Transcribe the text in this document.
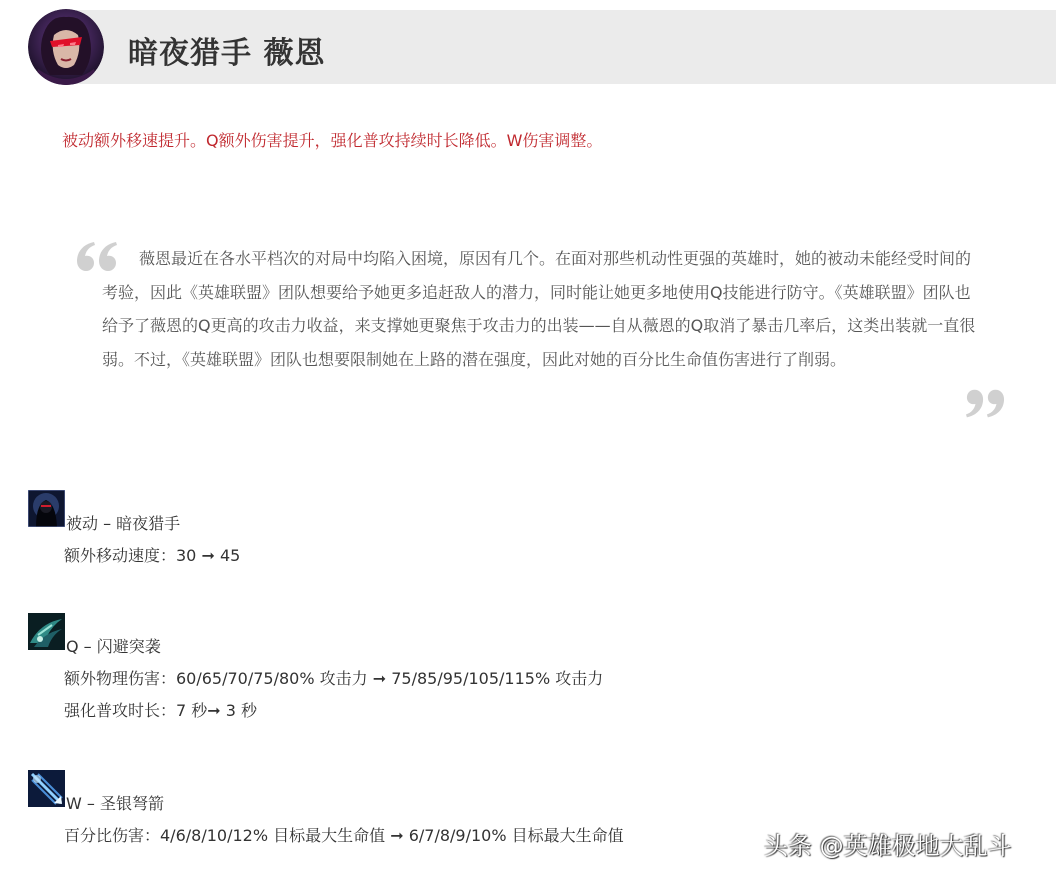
暗夜猎手 薇恩
被动额外移速提升。Q额外伤害提升，强化普攻持续时长降低。W伤害调整。

薇恩最近在各水平档次的对局中均陷入困境，原因有几个。在面对那些机动性更强的英雄时，她的被动未能经受时间的考验，因此《英雄联盟》团队想要给予她更多追赶敌人的潜力，同时能让她更多地使用Q技能进行防守。《英雄联盟》团队也给予了薇恩的Q更高的攻击力收益，来支撑她更聚焦于攻击力的出装——自从薇恩的Q取消了暴击几率后，这类出装就一直很弱。不过，《英雄联盟》团队也想要限制她在上路的潜在强度，因此对她的百分比生命值伤害进行了削弱。

被动 – 暗夜猎手
额外移动速度：30 ➞ 45
Q – 闪避突袭
额外物理伤害：60/65/70/75/80% 攻击力 ➞ 75/85/95/105/115% 攻击力
强化普攻时长：7 秒➞ 3 秒
W – 圣银弩箭
百分比伤害：4/6/8/10/12% 目标最大生命值 ➞ 6/7/8/9/10% 目标最大生命值	头条 @英雄极地大乱斗
